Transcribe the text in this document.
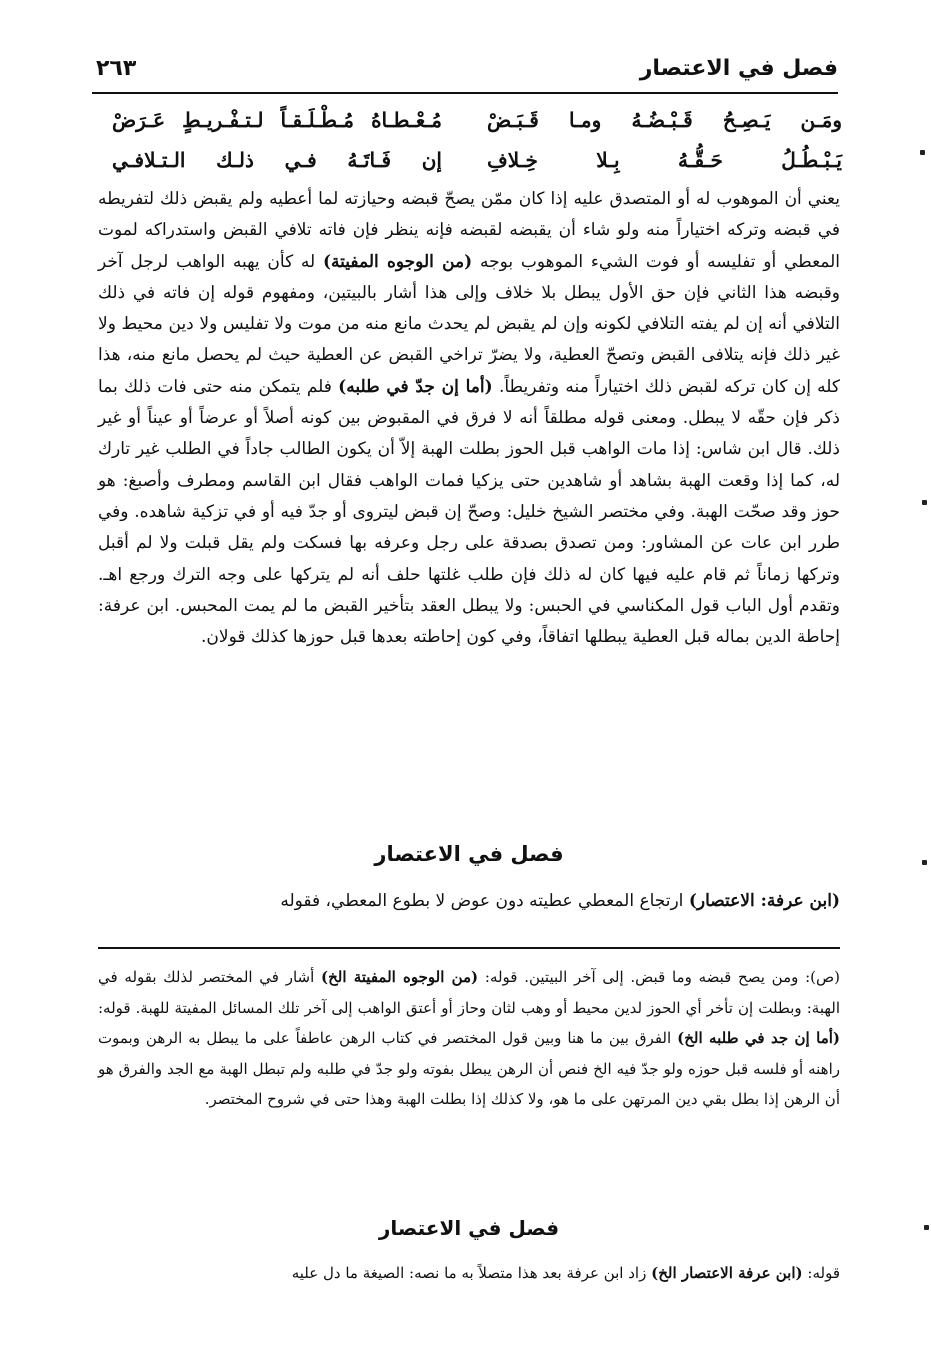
فصل في الاعتصار
٢٦٣
ومَـن يَـصِـحُ قَـبْـضُـهُ ومـا قَـبَـضْ
مُـعْـطـاهُ مُـطْـلَـقـاً لـتـفْـريـطٍ عَـرَضْ
يَـبْـطُـلُ حَـقُّـهُ بِـلا خِـلافِ
إن فَـاتَـهُ فـي ذلـك الـتـلافـي
يعني أن الموهوب له أو المتصدق عليه إذا كان ممّن يصحّ قبضه وحيازته لما أعطيه ولم يقبض ذلك لتفريطه في قبضه وتركه اختياراً منه ولو شاء أن يقبضه لقبضه فإنه ينظر فإن فاته تلافي القبض واستدراكه لموت المعطي أو تفليسه أو فوت الشيء الموهوب بوجه (من الوجوه المفيتة) له كأن يهبه الواهب لرجل آخر وقبضه هذا الثاني فإن حق الأول يبطل بلا خلاف وإلى هذا أشار بالبيتين، ومفهوم قوله إن فاته في ذلك التلافي أنه إن لم يفته التلافي لكونه وإن لم يقبض لم يحدث مانع منه من موت ولا تفليس ولا دين محيط ولا غير ذلك فإنه يتلافى القبض وتصحّ العطية، ولا يضرّ تراخي القبض عن العطية حيث لم يحصل مانع منه، هذا كله إن كان تركه لقبض ذلك اختياراً منه وتفريطاً. (أما إن جدّ في طلبه) فلم يتمكن منه حتى فات ذلك بما ذكر فإن حقّه لا يبطل. ومعنى قوله مطلقاً أنه لا فرق في المقبوض بين كونه أصلاً أو عرضاً أو عيناً أو غير ذلك. قال ابن شاس: إذا مات الواهب قبل الحوز بطلت الهبة إلاّ أن يكون الطالب جاداً في الطلب غير تارك له، كما إذا وقعت الهبة بشاهد أو شاهدين حتى يزكيا فمات الواهب فقال ابن القاسم ومطرف وأصبغ: هو حوز وقد صحّت الهبة. وفي مختصر الشيخ خليل: وصحّ إن قبض ليتروى أو جدّ فيه أو في تزكية شاهده. وفي طرر ابن عات عن المشاور: ومن تصدق بصدقة على رجل وعرفه بها فسكت ولم يقل قبلت ولا لم أقبل وتركها زماناً ثم قام عليه فيها كان له ذلك فإن طلب غلتها حلف أنه لم يتركها على وجه الترك ورجع اهـ. وتقدم أول الباب قول المكناسي في الحبس: ولا يبطل العقد بتأخير القبض ما لم يمت المحبس. ابن عرفة: إحاطة الدين بماله قبل العطية يبطلها اتفاقاً، وفي كون إحاطته بعدها قبل حوزها كذلك قولان.
فصل في الاعتصار
(ابن عرفة: الاعتصار) ارتجاع المعطي عطيته دون عوض لا بطوع المعطي، فقوله
(ص): ومن يصح قبضه وما قبض. إلى آخر البيتين. قوله: (من الوجوه المفيتة الخ) أشار في المختصر لذلك بقوله في الهبة: وبطلت إن تأخر أي الحوز لدين محيط أو وهب لثان وحاز أو أعتق الواهب إلى آخر تلك المسائل المفيتة للهبة. قوله: (أما إن جد في طلبه الخ) الفرق بين ما هنا وبين قول المختصر في كتاب الرهن عاطفاً على ما يبطل به الرهن وبموت راهنه أو فلسه قبل حوزه ولو جدّ فيه الخ فنص أن الرهن يبطل بفوته ولو جدّ في طلبه ولم تبطل الهبة مع الجد والفرق هو أن الرهن إذا بطل بقي دين المرتهن على ما هو، ولا كذلك إذا بطلت الهبة وهذا حتى في شروح المختصر.
فصل في الاعتصار
قوله: (ابن عرفة الاعتصار الخ) زاد ابن عرفة بعد هذا متصلاً به ما نصه: الصيغة ما دل عليه
